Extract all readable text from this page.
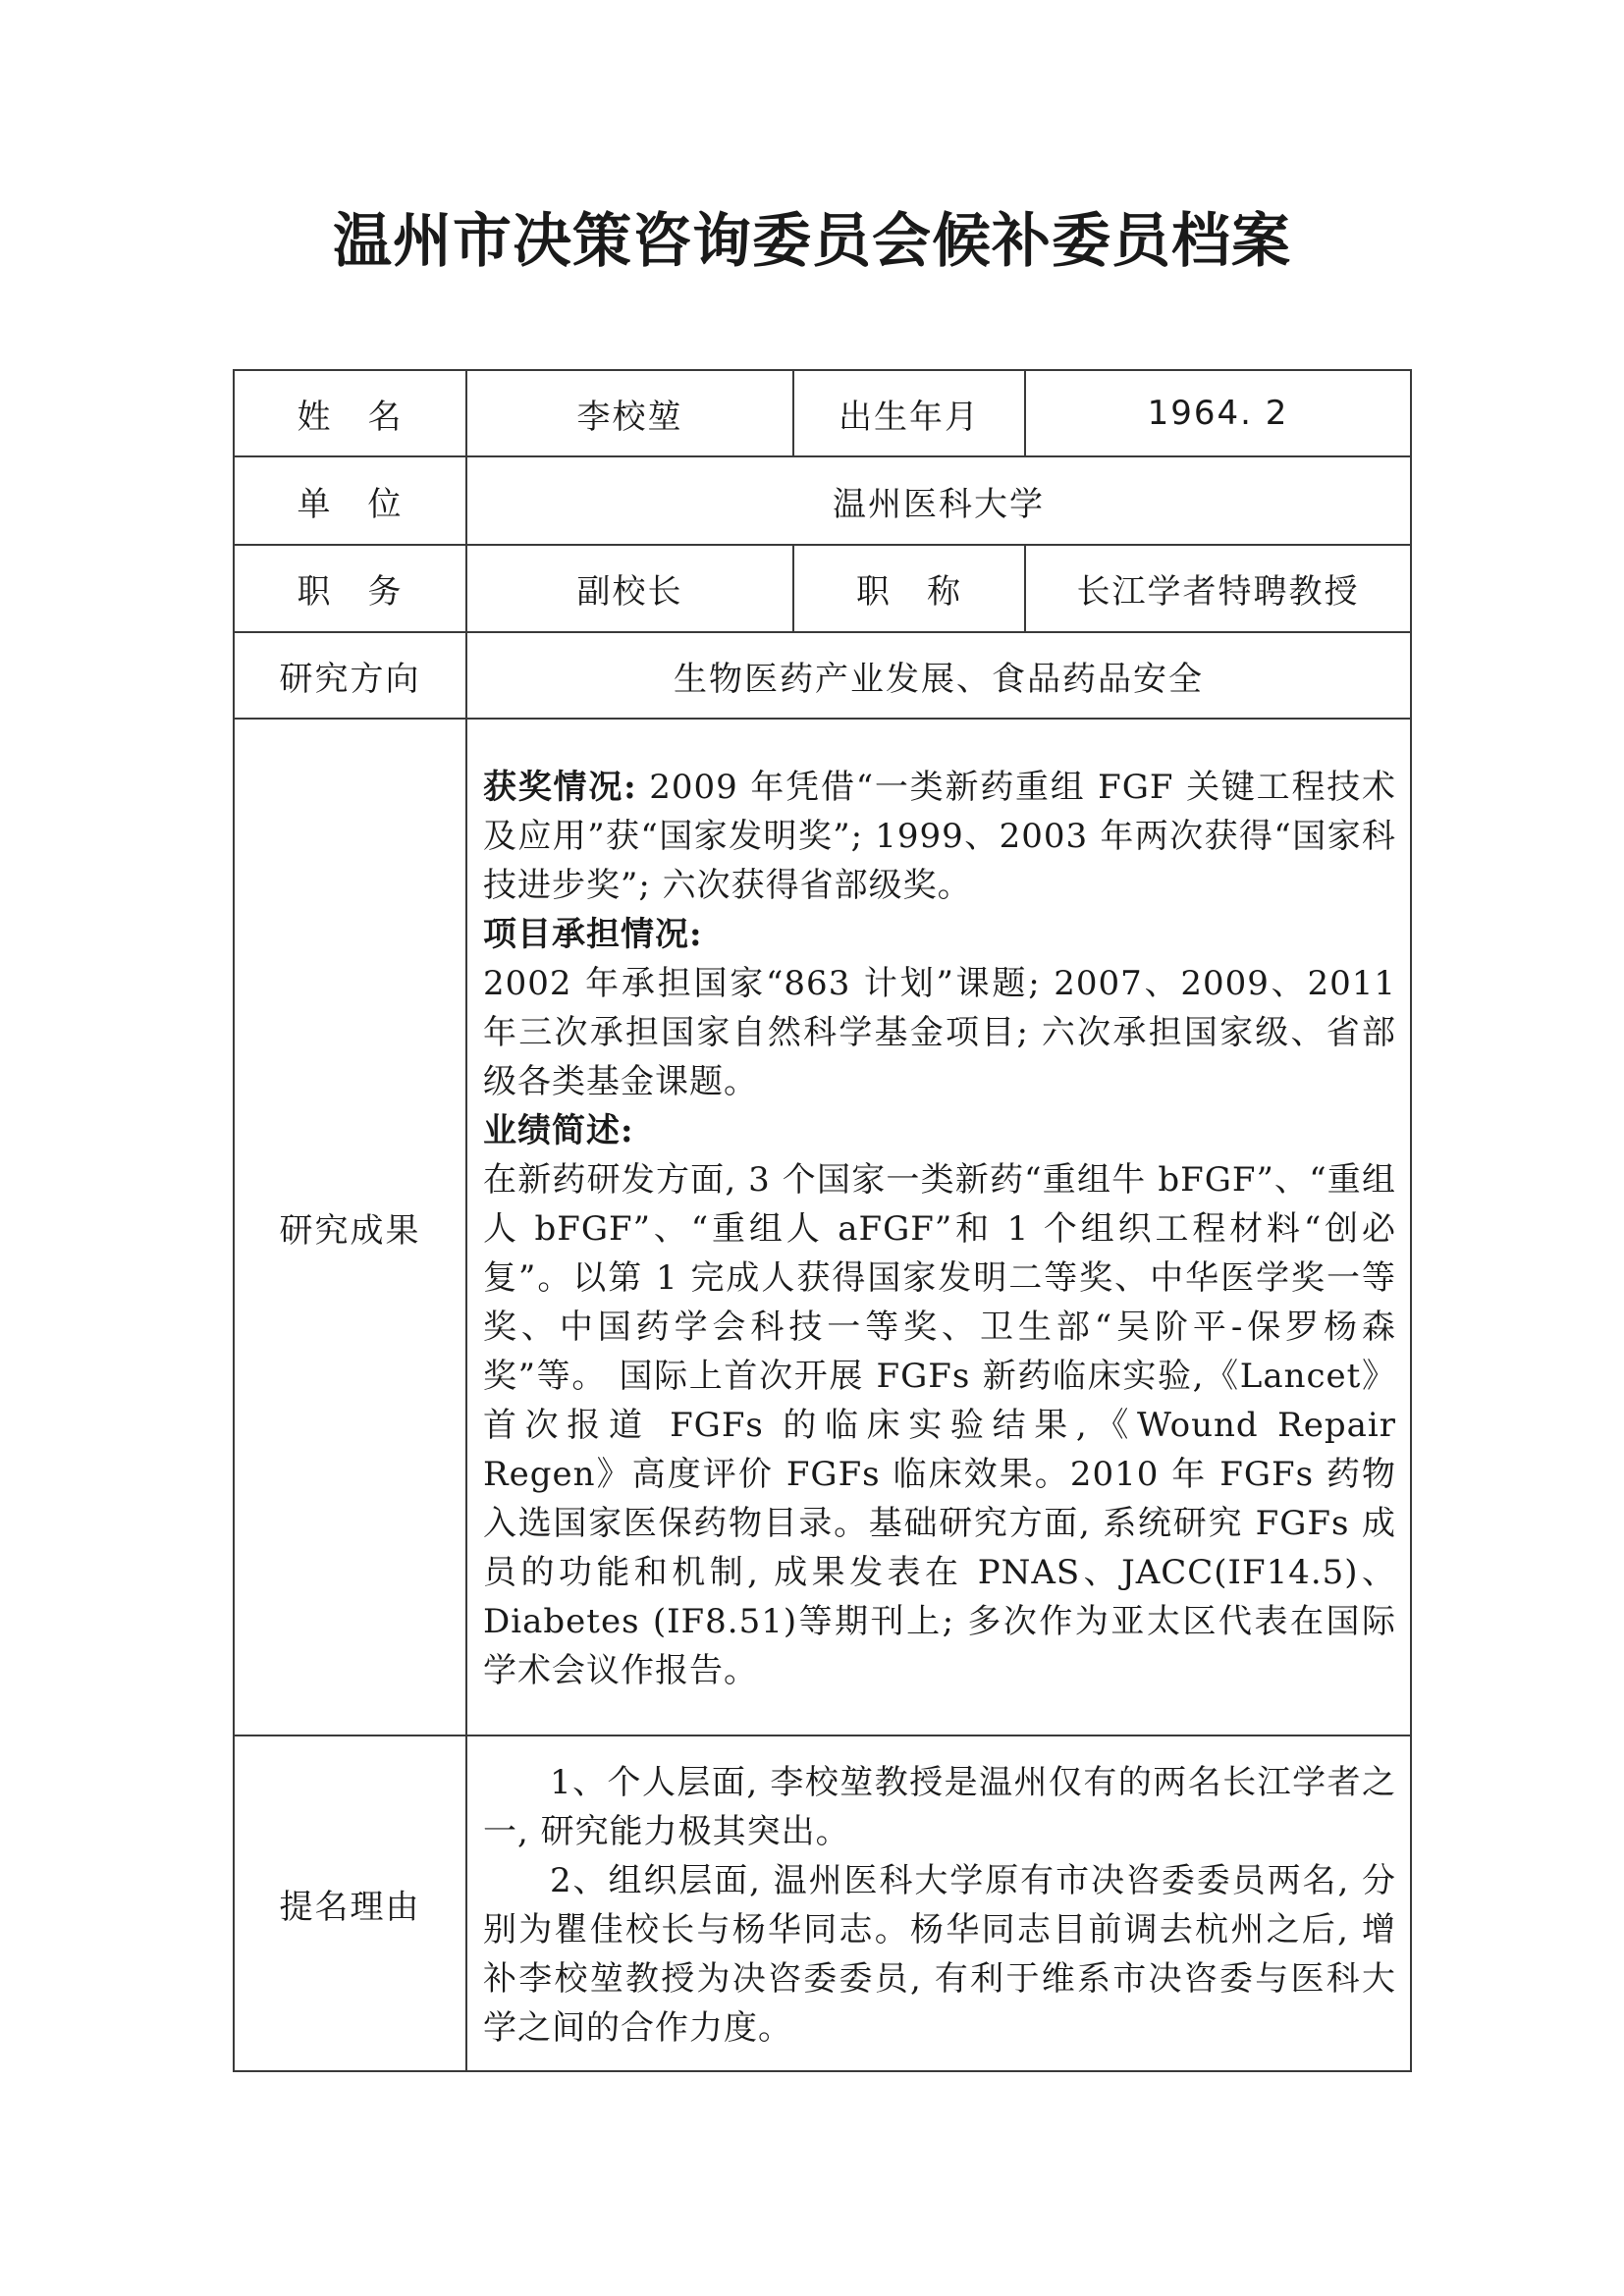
温州市决策咨询委员会候补委员档案
姓　名	李校堃	出生年月	1964. 2
单　位	温州医科大学		
职　务	副校长	职　称	长江学者特聘教授
研究方向	生物医药产业发展、食品药品安全		
研究成果	获奖情况: 2009 年凭借“一类新药重组 FGF 关键工程技术及应用”获“国家发明奖”; 1999、2003 年两次获得“国家科技进步奖”; 六次获得省部级奖。

项目承担情况:

2002 年承担国家“863 计划”课题; 2007、2009、2011 年三次承担国家自然科学基金项目; 六次承担国家级、省部级各类基金课题。

业绩简述:

在新药研发方面, 3 个国家一类新药“重组牛 bFGF”、“重组人 bFGF”、“重组人 aFGF”和 1 个组织工程材料“创必复”。以第 1 完成人获得国家发明二等奖、中华医学奖一等奖、中国药学会科技一等奖、卫生部“吴阶平-保罗杨森奖”等。 国际上首次开展 FGFs 新药临床实验,《Lancet》首次报道 FGFs 的临床实验结果,《Wound Repair Regen》高度评价 FGFs 临床效果。2010 年 FGFs 药物入选国家医保药物目录。基础研究方面, 系统研究 FGFs 成员的功能和机制, 成果发表在 PNAS、JACC(IF14.5)、Diabetes (IF8.51)等期刊上; 多次作为亚太区代表在国际学术会议作报告。		

提名理由	1、个人层面, 李校堃教授是温州仅有的两名长江学者之一, 研究能力极其突出。

2、组织层面, 温州医科大学原有市决咨委委员两名, 分别为瞿佳校长与杨华同志。杨华同志目前调去杭州之后, 增补李校堃教授为决咨委委员, 有利于维系市决咨委与医科大学之间的合作力度。		
